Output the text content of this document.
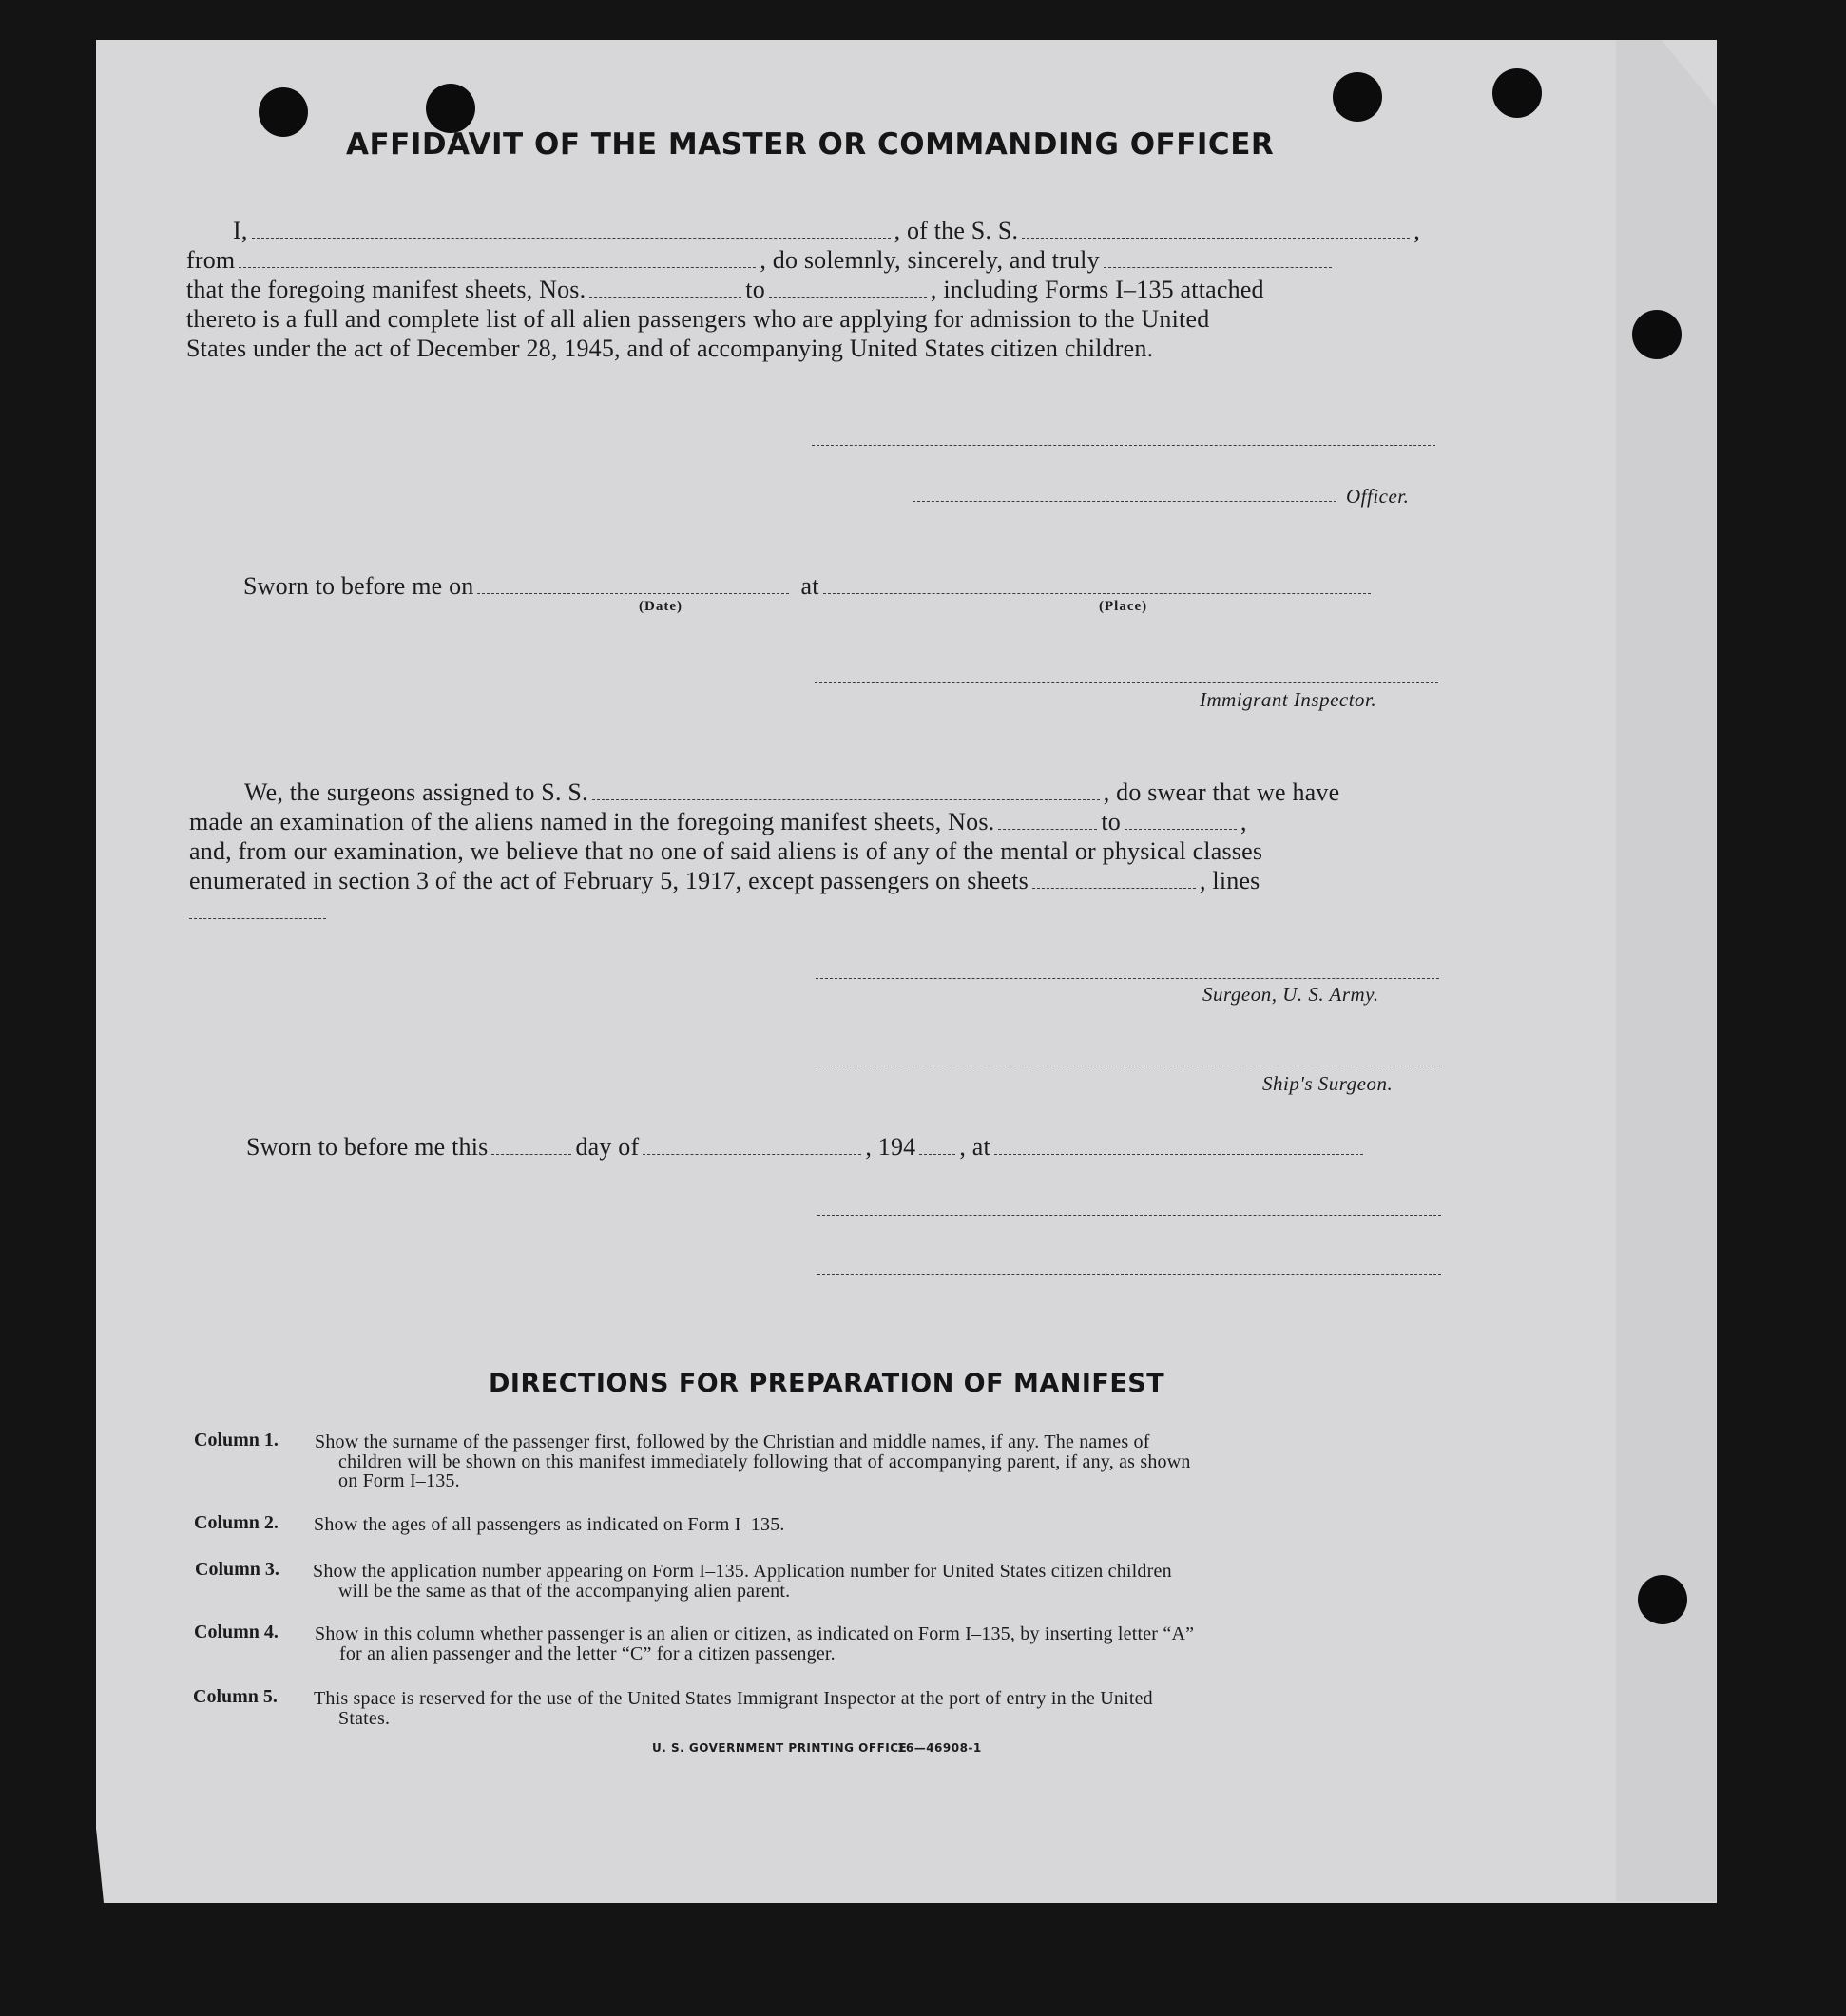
AFFIDAVIT OF THE MASTER OR COMMANDING OFFICER
I,	, of the S. S.	,
from	, do solemnly, sincerely, and truly
that the foregoing manifest sheets, Nos.	to	, including Forms I–135 attached
thereto is a full and complete list of all alien passengers who are applying for admission to the United
States under the act of December 28, 1945, and of accompanying United States citizen children.
Officer.
Sworn to before me on	at
(Date)	(Place)
Immigrant Inspector.
We, the surgeons assigned to S. S.	, do swear that we have
made an examination of the aliens named in the foregoing manifest sheets, Nos.	to	,
and, from our examination, we believe that no one of said aliens is of any of the mental or physical classes
enumerated in section 3 of the act of February 5, 1917, except passengers on sheets	, lines
Surgeon, U. S. Army.
Ship's Surgeon.
Sworn to before me this	day of	, 194 , at
DIRECTIONS FOR PREPARATION OF MANIFEST
Column 1. Show the surname of the passenger first, followed by the Christian and middle names, if any. The names of
children will be shown on this manifest immediately following that of accompanying parent, if any, as shown
on Form I–135.
Column 2. Show the ages of all passengers as indicated on Form I–135.
Column 3. Show the application number appearing on Form I–135. Application number for United States citizen children
will be the same as that of the accompanying alien parent.
Column 4. Show in this column whether passenger is an alien or citizen, as indicated on Form I–135, by inserting letter “A”
for an alien passenger and the letter “C” for a citizen passenger.
Column 5. This space is reserved for the use of the United States Immigrant Inspector at the port of entry in the United
States.
U. S. GOVERNMENT PRINTING OFFICE
16—46908-1
